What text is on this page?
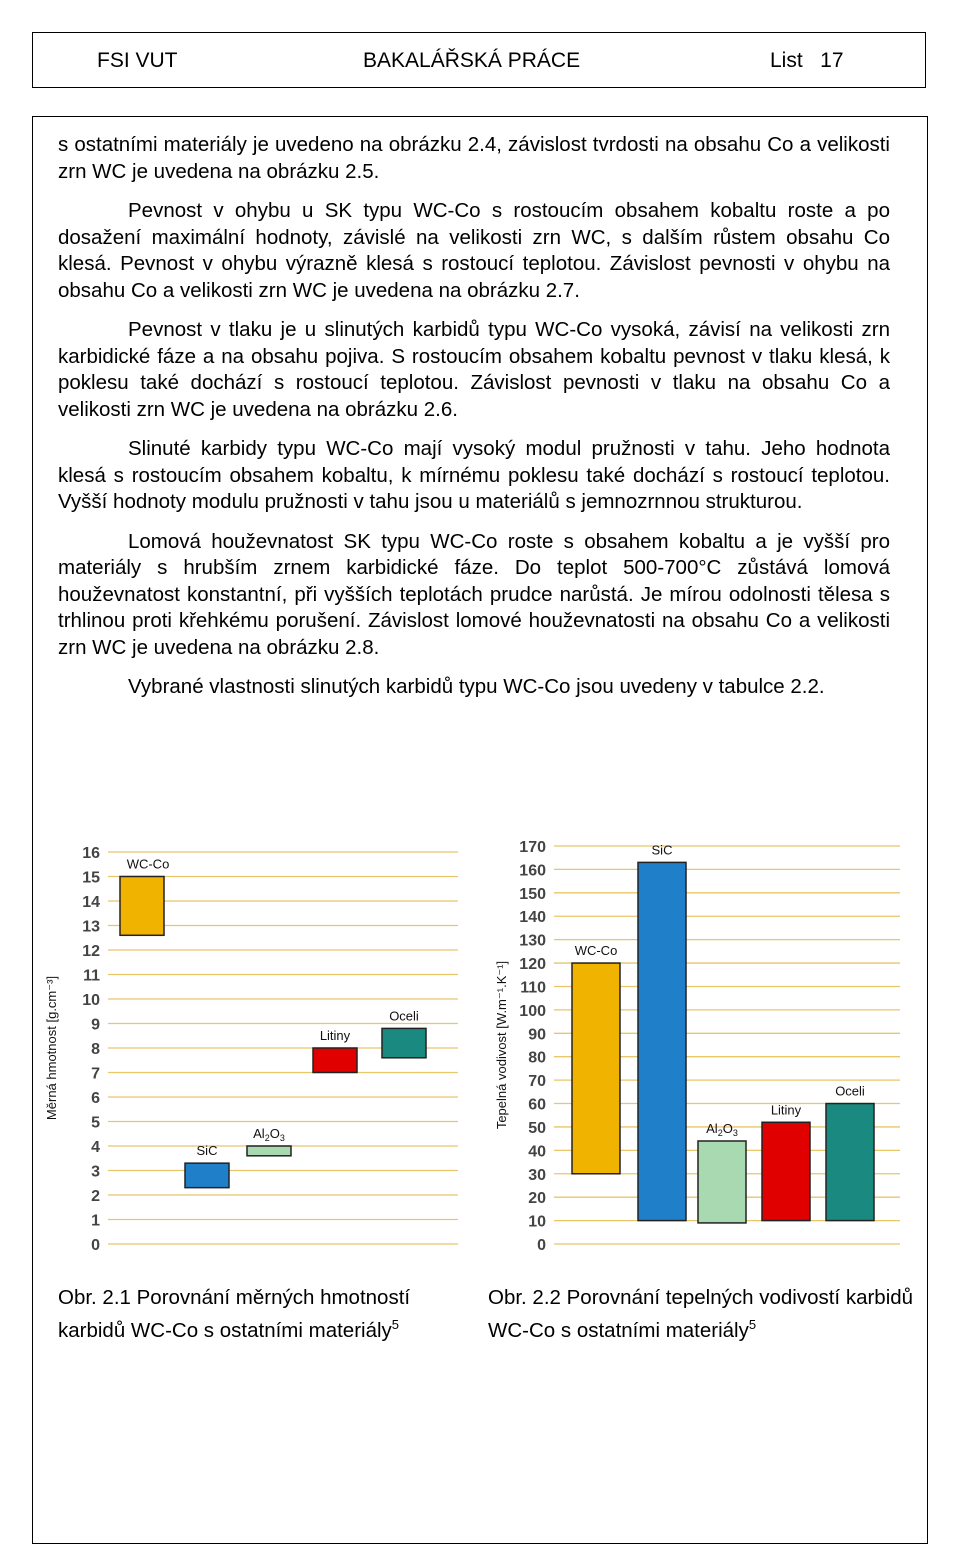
FSI VUT	BAKALÁŘSKÁ PRÁCE	List   17

s ostatními materiály je uvedeno na obrázku 2.4, závislost tvrdosti na obsahu Co a velikosti zrn WC je uvedena na obrázku 2.5.

Pevnost v ohybu u SK typu WC-Co s rostoucím obsahem kobaltu roste a po dosažení maximální hodnoty, závislé na velikosti zrn WC, s dalším růstem obsahu Co klesá. Pevnost v ohybu výrazně klesá s rostoucí teplotou. Závislost pevnosti v ohybu na obsahu Co a velikosti zrn WC je uvedena na obrázku 2.7.

Pevnost v tlaku je u slinutých karbidů typu WC-Co vysoká, závisí na velikosti zrn karbidické fáze a na obsahu pojiva. S rostoucím obsahem kobaltu pevnost v tlaku klesá, k poklesu také dochází s rostoucí teplotou. Závislost pevnosti v tlaku na obsahu Co a velikosti zrn WC je uvedena na obrázku 2.6.

Slinuté karbidy typu WC-Co mají vysoký modul pružnosti v tahu. Jeho hodnota klesá s rostoucím obsahem kobaltu, k mírnému poklesu také dochází s rostoucí teplotou. Vyšší hodnoty modulu pružnosti v tahu jsou u materiálů s jemnozrnnou strukturou.

Lomová houževnatost SK typu WC-Co roste s obsahem kobaltu a je vyšší pro materiály s hrubším zrnem karbidické fáze. Do teplot 500-700°C zůstává lomová houževnatost konstantní, při vyšších teplotách prudce narůstá. Je mírou odolnosti tělesa s trhlinou proti křehkému porušení. Závislost lomové houževnatosti na obsahu Co a velikosti zrn WC je uvedena na obrázku 2.8.

Vybrané vlastnosti slinutých karbidů typu WC-Co jsou uvedeny v tabulce 2.2.

0
1
2
3
4
5
6
7
8
9
10
11
12
13
14
15
16
Měrná hmotnost [g.cm⁻³]
WC-Co
SiC
$Al_2O_3$
Litiny
Oceli
0
10
20
30
40
50
60
70
80
90
100
110
120
130
140
150
160
170
Tepelná vodivost [W.m⁻¹.K⁻¹]
WC-Co
SiC
$Al_2O_3$
Litiny
Oceli
Obr. 2.1 Porovnání měrných hmotností karbidů WC-Co s ostatními materiály$^5$
Obr. 2.2 Porovnání tepelných vodivostí karbidů WC-Co s ostatními materiály$^5$
